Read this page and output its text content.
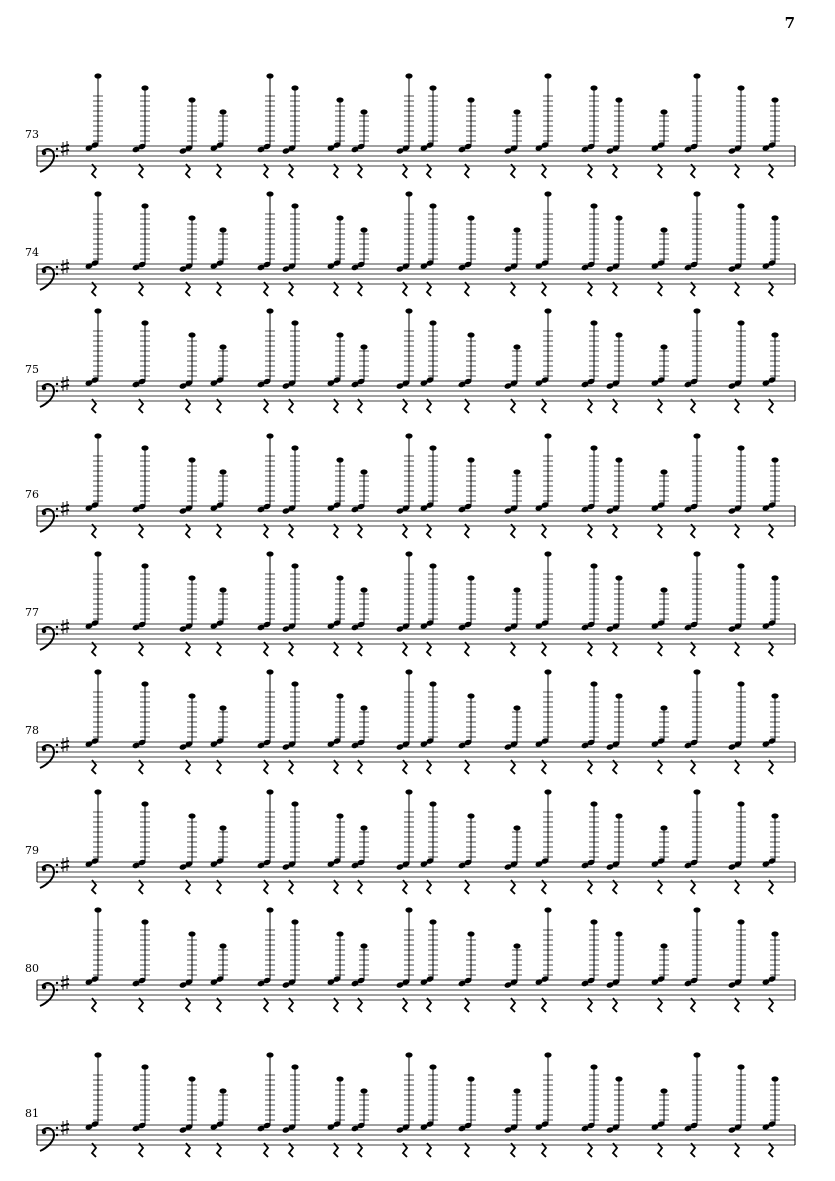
7
73
74
75
76
77
78
79
80
81
